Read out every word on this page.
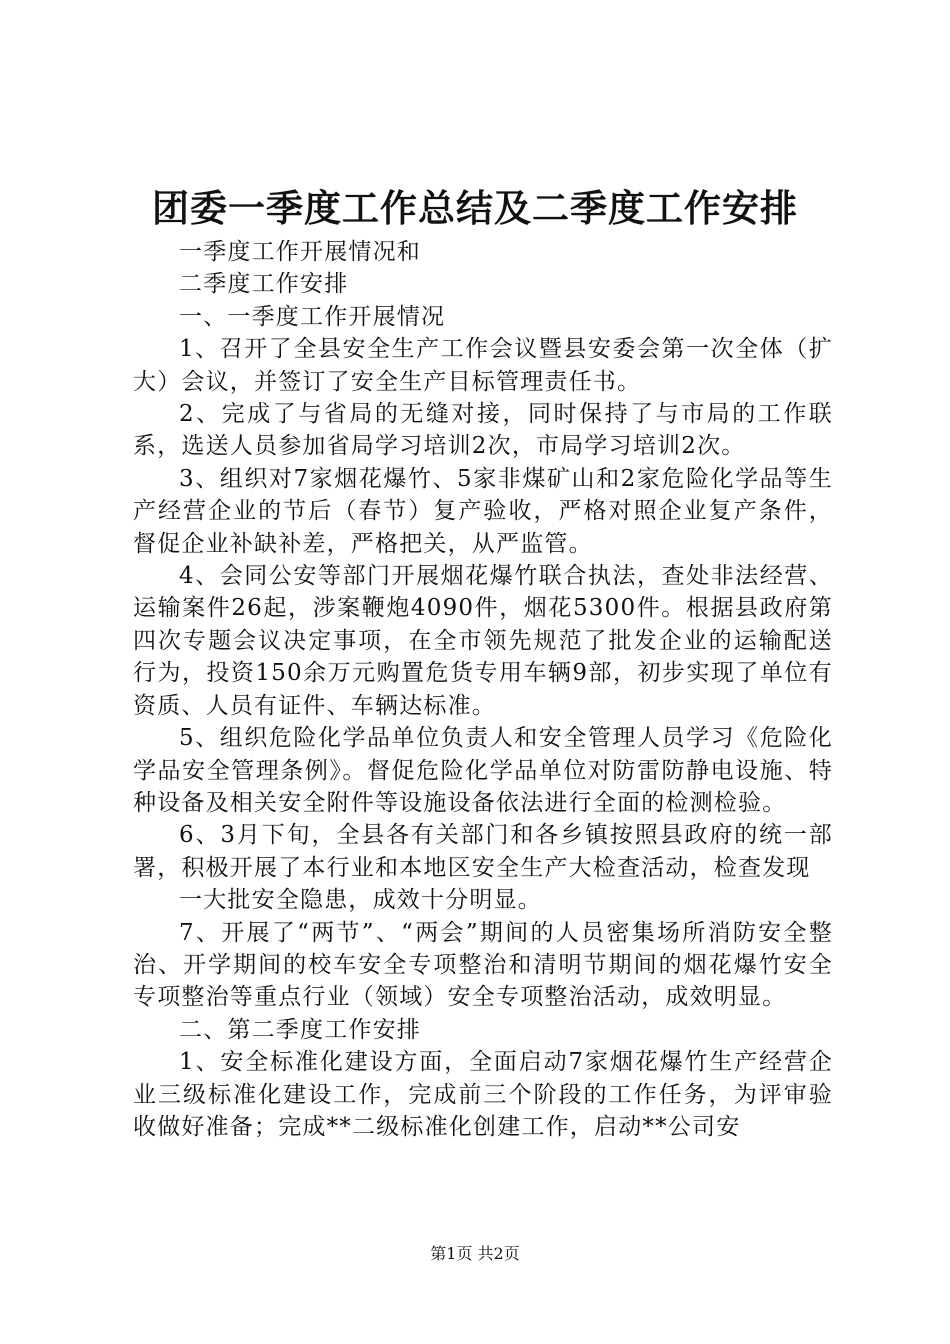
团委一季度工作总结及二季度工作安排

一季度工作开展情况和

二季度工作安排

一、一季度工作开展情况

1、召开了全县安全生产工作会议暨县安委会第一次全体（扩大）会议，并签订了安全生产目标管理责任书。

2、完成了与省局的无缝对接，同时保持了与市局的工作联系，选送人员参加省局学习培训2次，市局学习培训2次。

3、组织对7家烟花爆竹、5家非煤矿山和2家危险化学品等生产经营企业的节后（春节）复产验收，严格对照企业复产条件，督促企业补缺补差，严格把关，从严监管。

4、会同公安等部门开展烟花爆竹联合执法，查处非法经营、运输案件26起，涉案鞭炮4090件，烟花5300件。根据县政府第四次专题会议决定事项，在全市领先规范了批发企业的运输配送行为，投资150余万元购置危货专用车辆9部，初步实现了单位有资质、人员有证件、车辆达标准。

5、组织危险化学品单位负责人和安全管理人员学习《危险化学品安全管理条例》。督促危险化学品单位对防雷防静电设施、特种设备及相关安全附件等设施设备依法进行全面的检测检验。

6、3月下旬，全县各有关部门和各乡镇按照县政府的统一部署，积极开展了本行业和本地区安全生产大检查活动，检查发现

一大批安全隐患，成效十分明显。

7、开展了“两节”、“两会”期间的人员密集场所消防安全整治、开学期间的校车安全专项整治和清明节期间的烟花爆竹安全专项整治等重点行业（领域）安全专项整治活动，成效明显。

二、第二季度工作安排

1、安全标准化建设方面，全面启动7家烟花爆竹生产经营企业三级标准化建设工作，完成前三个阶段的工作任务，为评审验收做好准备；完成**二级标准化创建工作，启动**公司安

第1页 共2页
